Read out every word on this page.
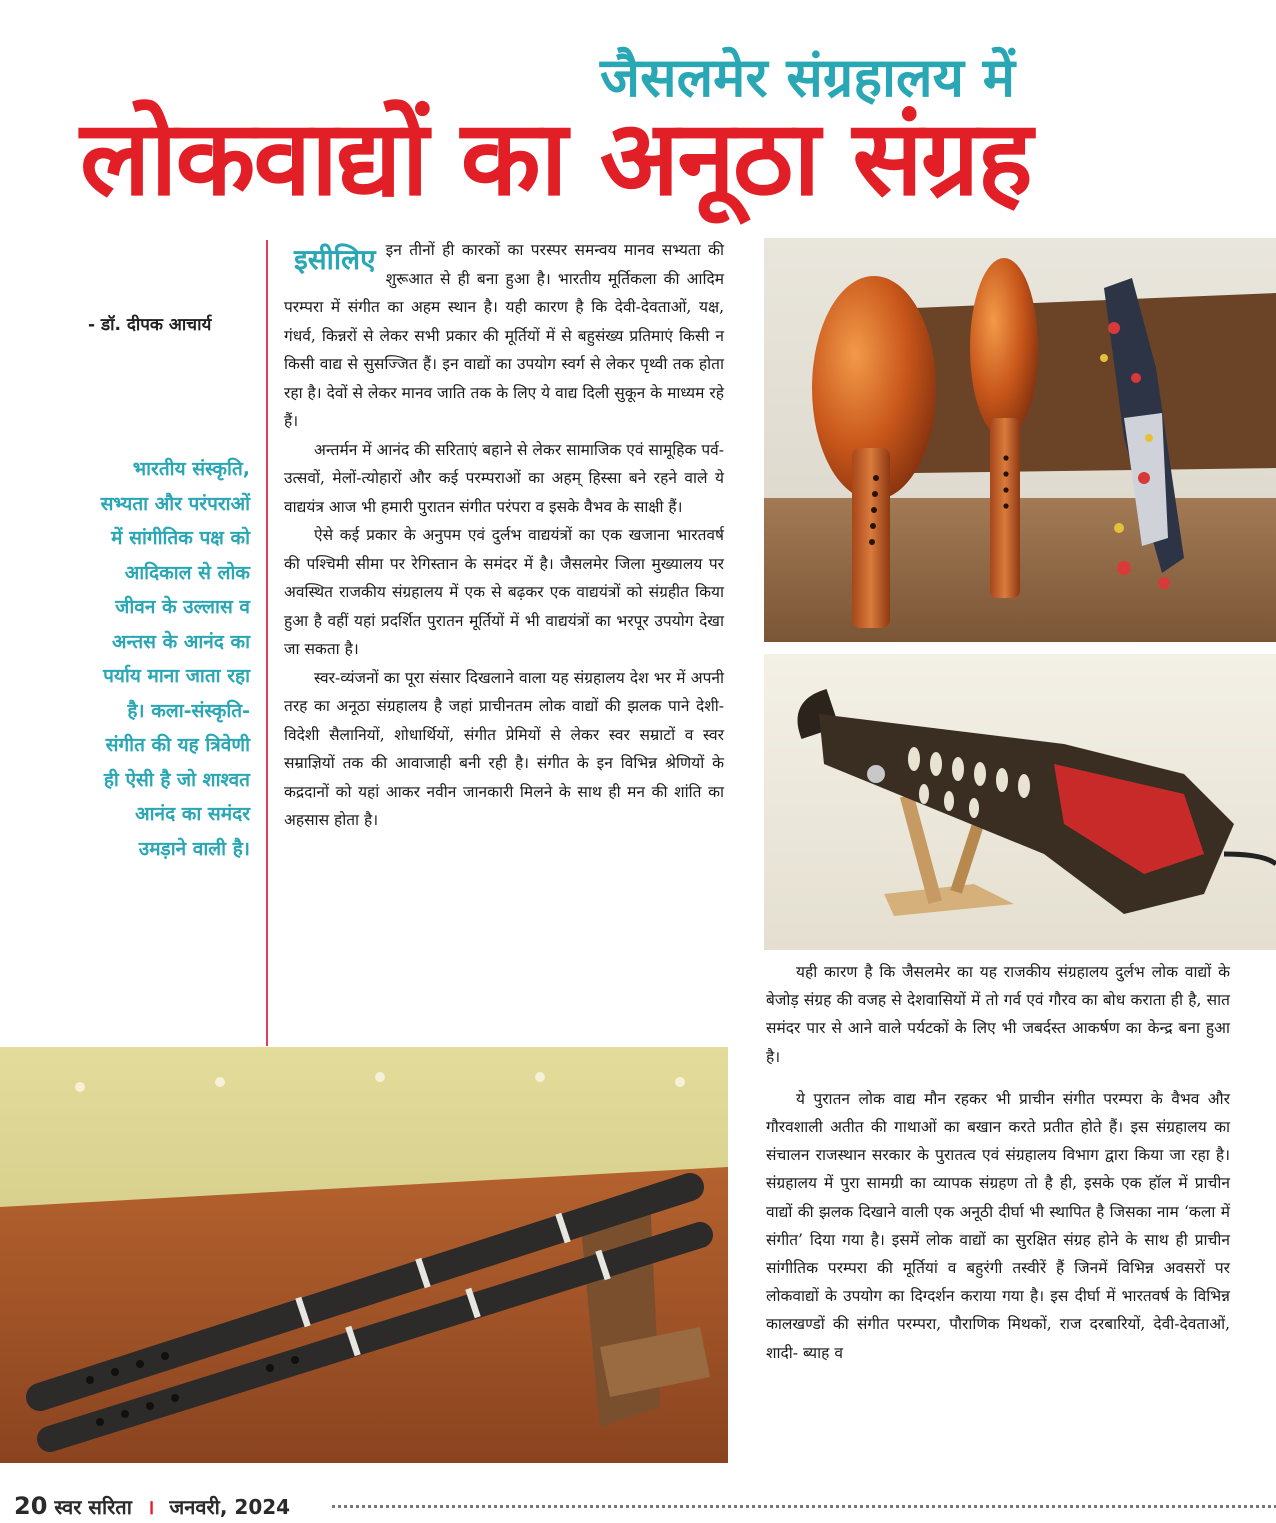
जैसलमेर संग्रहालय में
लोकवाद्यों का अनूठा संग्रह
- डॉ. दीपक आचार्य

भारतीय संस्कृति,

सभ्यता और परंपराओं

में सांगीतिक पक्ष को

आदिकाल से लोक

जीवन के उल्लास व

अन्तस के आनंद का

पर्याय माना जाता रहा

है। कला-संस्कृति-

संगीत की यह त्रिवेणी

ही ऐसी है जो शाश्वत

आनंद का समंदर

उमड़ाने वाली है।

इसीलिए इन तीनों ही कारकों का परस्पर समन्वय मानव सभ्यता की शुरूआत से ही बना हुआ है। भारतीय मूर्तिकला की आदिम परम्परा में संगीत का अहम स्थान है। यही कारण है कि देवी-देवताओं, यक्ष, गंधर्व, किन्नरों से लेकर सभी प्रकार की मूर्तियों में से बहुसंख्य प्रतिमाएं किसी न किसी वाद्य से सुसज्जित हैं। इन वाद्यों का उपयोग स्वर्ग से लेकर पृथ्वी तक होता रहा है। देवों से लेकर मानव जाति तक के लिए ये वाद्य दिली सुकून के माध्यम रहे हैं।

अन्तर्मन में आनंद की सरिताएं बहाने से लेकर सामाजिक एवं सामूहिक पर्व-उत्सवों, मेलों-त्योहारों और कई परम्पराओं का अहम् हिस्सा बने रहने वाले ये वाद्ययंत्र आज भी हमारी पुरातन संगीत परंपरा व इसके वैभव के साक्षी हैं।

ऐसे कई प्रकार के अनुपम एवं दुर्लभ वाद्ययंत्रों का एक खजाना भारतवर्ष की पश्चिमी सीमा पर रेगिस्तान के समंदर में है। जैसलमेर जिला मुख्यालय पर अवस्थित राजकीय संग्रहालय में एक से बढ़कर एक वाद्ययंत्रों को संग्रहीत किया हुआ है वहीं यहां प्रदर्शित पुरातन मूर्तियों में भी वाद्ययंत्रों का भरपूर उपयोग देखा जा सकता है।

स्वर-व्यंजनों का पूरा संसार दिखलाने वाला यह संग्रहालय देश भर में अपनी तरह का अनूठा संग्रहालय है जहां प्राचीनतम लोक वाद्यों की झलक पाने देशी-विदेशी सैलानियों, शोधार्थियों, संगीत प्रेमियों से लेकर स्वर सम्राटों व स्वर सम्राज्ञियों तक की आवाजाही बनी रही है। संगीत के इन विभिन्न श्रेणियों के कद्रदानों को यहां आकर नवीन जानकारी मिलने के साथ ही मन की शांति का अहसास होता है।

यही कारण है कि जैसलमेर का यह राजकीय संग्रहालय दुर्लभ लोक वाद्यों के बेजोड़ संग्रह की वजह से देशवासियों में तो गर्व एवं गौरव का बोध कराता ही है, सात समंदर पार से आने वाले पर्यटकों के लिए भी जबर्दस्त आकर्षण का केन्द्र बना हुआ है।

ये पुरातन लोक वाद्य मौन रहकर भी प्राचीन संगीत परम्परा के वैभव और गौरवशाली अतीत की गाथाओं का बखान करते प्रतीत होते हैं। इस संग्रहालय का संचालन राजस्थान सरकार के पुरातत्व एवं संग्रहालय विभाग द्वारा किया जा रहा है। संग्रहालय में पुरा सामग्री का व्यापक संग्रहण तो है ही, इसके एक हॉल में प्राचीन वाद्यों की झलक दिखाने वाली एक अनूठी दीर्घा भी स्थापित है जिसका नाम ‘कला में संगीत’ दिया गया है। इसमें लोक वाद्यों का सुरक्षित संग्रह होने के साथ ही प्राचीन सांगीतिक परम्परा की मूर्तियां व बहुरंगी तस्वीरें हैं जिनमें विभिन्न अवसरों पर लोकवाद्यों के उपयोग का दिग्दर्शन कराया गया है। इस दीर्घा में भारतवर्ष के विभिन्न कालखण्डों की संगीत परम्परा, पौराणिक मिथकों, राज दरबारियों, देवी-देवताओं, शादी- ब्याह व

20 स्वर सरिता । जनवरी, 2024
